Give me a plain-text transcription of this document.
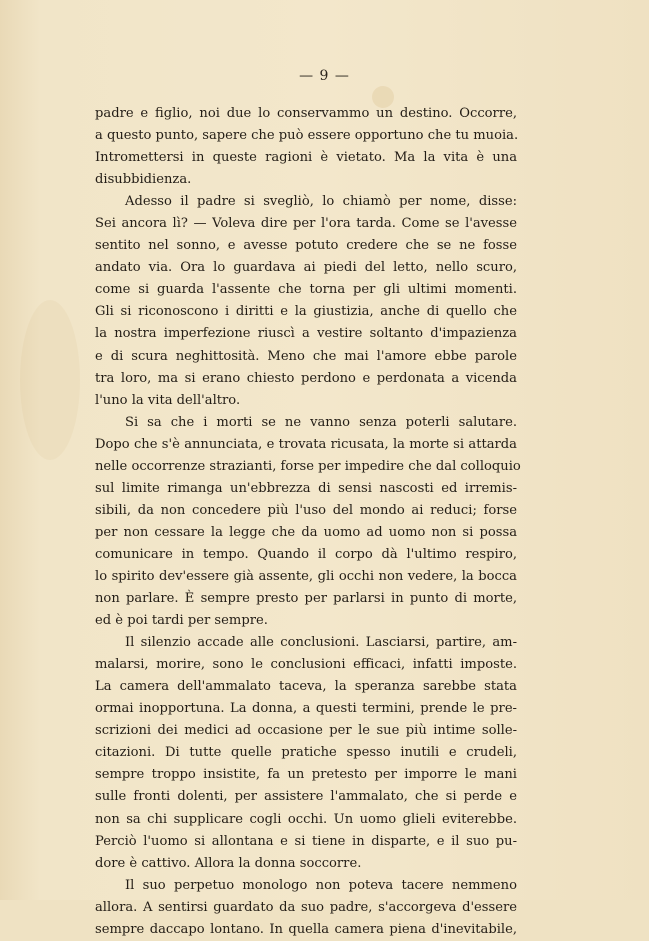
— 9 —
padre e figlio, noi due lo conservammo un destino. Occorre,
a questo punto, sapere che può essere opportuno che tu muoia.
Intromettersi in queste ragioni è vietato. Ma la vita è una
disubbidienza.
Adesso il padre si svegliò, lo chiamò per nome, disse:
Sei ancora lì? — Voleva dire per l'ora tarda. Come se l'avesse
sentito nel sonno, e avesse potuto credere che se ne fosse
andato via. Ora lo guardava ai piedi del letto, nello scuro,
come si guarda l'assente che torna per gli ultimi momenti.
Gli si riconoscono i diritti e la giustizia, anche di quello che
la nostra imperfezione riuscì a vestire soltanto d'impazienza
e di scura neghittosità. Meno che mai l'amore ebbe parole
tra loro, ma si erano chiesto perdono e perdonata a vicenda
l'uno la vita dell'altro.
Si sa che i morti se ne vanno senza poterli salutare.
Dopo che s'è annunciata, e trovata ricusata, la morte si attarda
nelle occorrenze strazianti, forse per impedire che dal colloquio
sul limite rimanga un'ebbrezza di sensi nascosti ed irremis-
sibili, da non concedere più l'uso del mondo ai reduci; forse
per non cessare la legge che da uomo ad uomo non si possa
comunicare in tempo. Quando il corpo dà l'ultimo respiro,
lo spirito dev'essere già assente, gli occhi non vedere, la bocca
non parlare. È sempre presto per parlarsi in punto di morte,
ed è poi tardi per sempre.
Il silenzio accade alle conclusioni. Lasciarsi, partire, am-
malarsi, morire, sono le conclusioni efficaci, infatti imposte.
La camera dell'ammalato taceva, la speranza sarebbe stata
ormai inopportuna. La donna, a questi termini, prende le pre-
scrizioni dei medici ad occasione per le sue più intime solle-
citazioni. Di tutte quelle pratiche spesso inutili e crudeli,
sempre troppo insistite, fa un pretesto per imporre le mani
sulle fronti dolenti, per assistere l'ammalato, che si perde e
non sa chi supplicare cogli occhi. Un uomo glieli eviterebbe.
Perciò l'uomo si allontana e si tiene in disparte, e il suo pu-
dore è cattivo. Allora la donna soccorre.
Il suo perpetuo monologo non poteva tacere nemmeno
allora. A sentirsi guardato da suo padre, s'accorgeva d'essere
sempre daccapo lontano. In quella camera piena d'inevitabile,
